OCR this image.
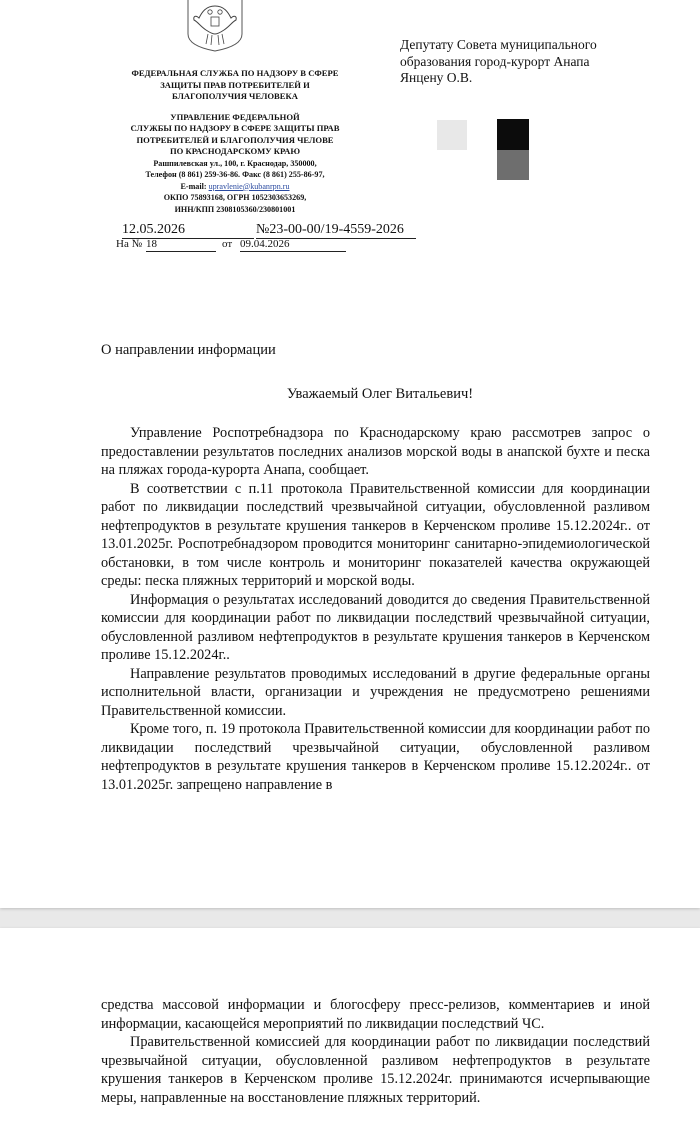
ФЕДЕРАЛЬНАЯ СЛУЖБА ПО НАДЗОРУ В СФЕРЕ
ЗАЩИТЫ ПРАВ ПОТРЕБИТЕЛЕЙ И
БЛАГОПОЛУЧИЯ ЧЕЛОВЕКА
УПРАВЛЕНИЕ ФЕДЕРАЛЬНОЙ
СЛУЖБЫ ПО НАДЗОРУ В СФЕРЕ ЗАЩИТЫ ПРАВ
ПОТРЕБИТЕЛЕЙ И БЛАГОПОЛУЧИЯ ЧЕЛОВЕ
ПО КРАСНОДАРСКОМУ КРАЮ
Рашпилевская ул., 100, г. Краснодар, 350000,
Телефон (8 861) 259-36-86. Факс (8 861) 255-86-97,
E-mail: upravlenie@kubanrpn.ru
ОКПО 75893168, ОГРН 1052303653269,
ИНН/КПП 2308105360/230801001
Депутату Совета муниципального
образования город-курорт Анапа
Янцену О.В.
12.05.2026	№23-00-00/19-4559-2026
На № 18	от 09.04.2026
О направлении информации
Уважаемый Олег Витальевич!

Управление Роспотребнадзора по Краснодарскому краю рассмотрев запрос о предоставлении результатов последних анализов морской воды в анапской бухте и песка на пляжах города-курорта Анапа, сообщает.

В соответствии с п.11 протокола Правительственной комиссии для координации работ по ликвидации последствий чрезвычайной ситуации, обусловленной разливом нефтепродуктов в результате крушения танкеров в Керченском проливе 15.12.2024г.. от 13.01.2025г. Роспотребнадзором проводится мониторинг санитарно-эпидемиологической обстановки, в том числе контроль и мониторинг показателей качества окружающей среды: песка пляжных территорий и морской воды.

Информация о результатах исследований доводится до сведения Правительственной комиссии для координации работ по ликвидации последствий чрезвычайной ситуации, обусловленной разливом нефтепродуктов в результате крушения танкеров в Керченском проливе 15.12.2024г..

Направление результатов проводимых исследований в другие федеральные органы исполнительной власти, организации и учреждения не предусмотрено решениями Правительственной комиссии.

Кроме того, п. 19 протокола Правительственной комиссии для координации работ по ликвидации последствий чрезвычайной ситуации, обусловленной разливом нефтепродуктов в результате крушения танкеров в Керченском проливе 15.12.2024г.. от 13.01.2025г. запрещено направление в

средства массовой информации и блогосферу пресс-релизов, комментариев и иной информации, касающейся мероприятий по ликвидации последствий ЧС.

Правительственной комиссией для координации работ по ликвидации последствий чрезвычайной ситуации, обусловленной разливом нефтепродуктов в результате крушения танкеров в Керченском проливе 15.12.2024г. принимаются исчерпывающие меры, направленные на восстановление пляжных территорий.
